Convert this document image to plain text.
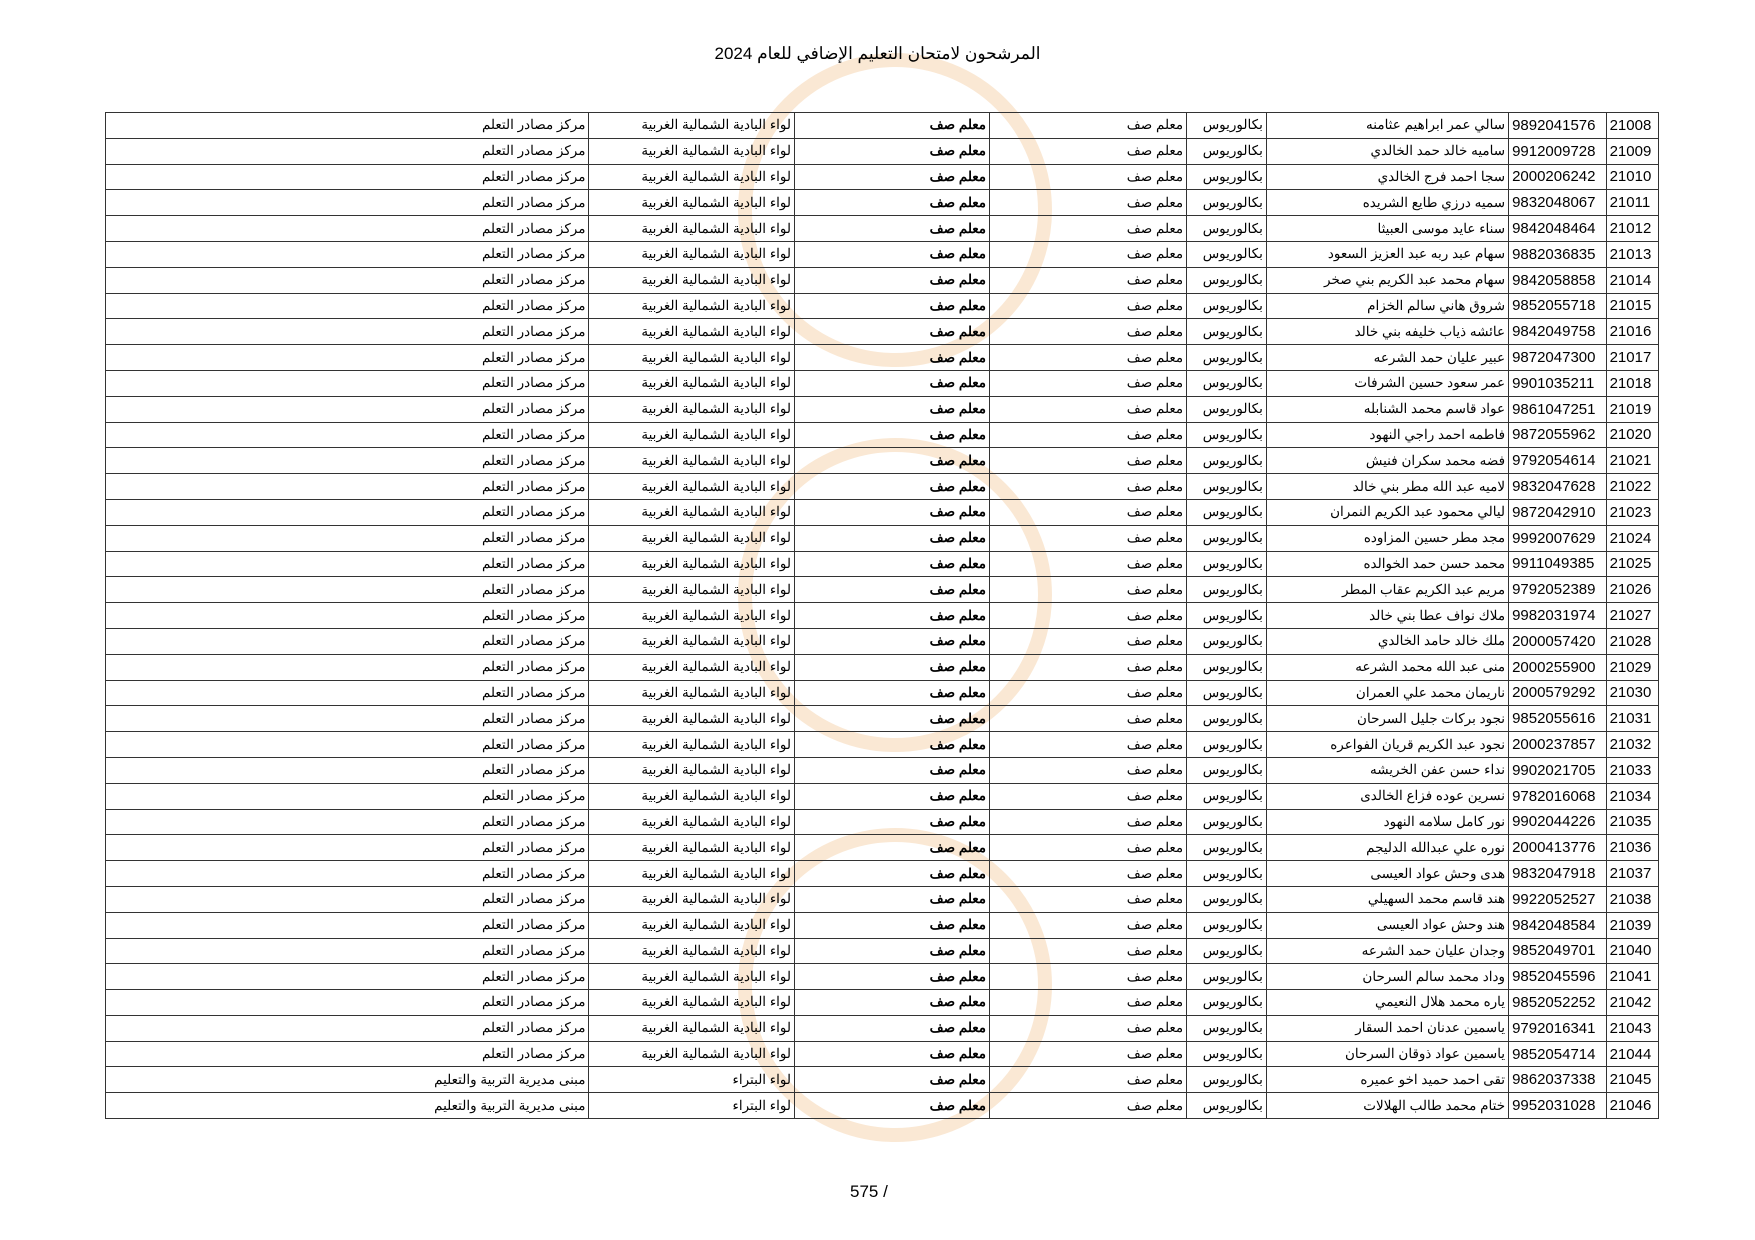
المرشحون لامتحان التعليم الإضافي للعام 2024
21008	9892041576	سالي عمر ابراهيم عثامنه	بكالوريوس	معلم صف	معلم صف	لواء البادية الشمالية الغربية	مركز مصادر التعلم
21009	9912009728	ساميه خالد حمد الخالدي	بكالوريوس	معلم صف	معلم صف	لواء البادية الشمالية الغربية	مركز مصادر التعلم
21010	2000206242	سجا احمد فرج الخالدي	بكالوريوس	معلم صف	معلم صف	لواء البادية الشمالية الغربية	مركز مصادر التعلم
21011	9832048067	سميه درزي طايع الشريده	بكالوريوس	معلم صف	معلم صف	لواء البادية الشمالية الغربية	مركز مصادر التعلم
21012	9842048464	سناء عايد موسى العبيثا	بكالوريوس	معلم صف	معلم صف	لواء البادية الشمالية الغربية	مركز مصادر التعلم
21013	9882036835	سهام عبد ربه عبد العزيز السعود	بكالوريوس	معلم صف	معلم صف	لواء البادية الشمالية الغربية	مركز مصادر التعلم
21014	9842058858	سهام محمد عبد الكريم بني صخر	بكالوريوس	معلم صف	معلم صف	لواء البادية الشمالية الغربية	مركز مصادر التعلم
21015	9852055718	شروق هاني سالم الخزام	بكالوريوس	معلم صف	معلم صف	لواء البادية الشمالية الغربية	مركز مصادر التعلم
21016	9842049758	عائشه ذياب خليفه بني خالد	بكالوريوس	معلم صف	معلم صف	لواء البادية الشمالية الغربية	مركز مصادر التعلم
21017	9872047300	عبير عليان حمد الشرعه	بكالوريوس	معلم صف	معلم صف	لواء البادية الشمالية الغربية	مركز مصادر التعلم
21018	9901035211	عمر سعود حسين الشرفات	بكالوريوس	معلم صف	معلم صف	لواء البادية الشمالية الغربية	مركز مصادر التعلم
21019	9861047251	عواد قاسم محمد الشنابله	بكالوريوس	معلم صف	معلم صف	لواء البادية الشمالية الغربية	مركز مصادر التعلم
21020	9872055962	فاطمه احمد راجي النهود	بكالوريوس	معلم صف	معلم صف	لواء البادية الشمالية الغربية	مركز مصادر التعلم
21021	9792054614	فضه محمد سكران فنيش	بكالوريوس	معلم صف	معلم صف	لواء البادية الشمالية الغربية	مركز مصادر التعلم
21022	9832047628	لاميه عبد الله مطر بني خالد	بكالوريوس	معلم صف	معلم صف	لواء البادية الشمالية الغربية	مركز مصادر التعلم
21023	9872042910	ليالي محمود عبد الكريم النمران	بكالوريوس	معلم صف	معلم صف	لواء البادية الشمالية الغربية	مركز مصادر التعلم
21024	9992007629	مجد مطر حسين المزاوده	بكالوريوس	معلم صف	معلم صف	لواء البادية الشمالية الغربية	مركز مصادر التعلم
21025	9911049385	محمد حسن حمد الخوالده	بكالوريوس	معلم صف	معلم صف	لواء البادية الشمالية الغربية	مركز مصادر التعلم
21026	9792052389	مريم عبد الكريم عقاب المطر	بكالوريوس	معلم صف	معلم صف	لواء البادية الشمالية الغربية	مركز مصادر التعلم
21027	9982031974	ملاك نواف عطا بني خالد	بكالوريوس	معلم صف	معلم صف	لواء البادية الشمالية الغربية	مركز مصادر التعلم
21028	2000057420	ملك خالد حامد الخالدي	بكالوريوس	معلم صف	معلم صف	لواء البادية الشمالية الغربية	مركز مصادر التعلم
21029	2000255900	منى عبد الله محمد الشرعه	بكالوريوس	معلم صف	معلم صف	لواء البادية الشمالية الغربية	مركز مصادر التعلم
21030	2000579292	ناريمان محمد علي العمران	بكالوريوس	معلم صف	معلم صف	لواء البادية الشمالية الغربية	مركز مصادر التعلم
21031	9852055616	نجود بركات جليل السرحان	بكالوريوس	معلم صف	معلم صف	لواء البادية الشمالية الغربية	مركز مصادر التعلم
21032	2000237857	نجود عبد الكريم قريان الفواعره	بكالوريوس	معلم صف	معلم صف	لواء البادية الشمالية الغربية	مركز مصادر التعلم
21033	9902021705	نداء حسن عفن الخريشه	بكالوريوس	معلم صف	معلم صف	لواء البادية الشمالية الغربية	مركز مصادر التعلم
21034	9782016068	نسرين عوده فزاع الخالدى	بكالوريوس	معلم صف	معلم صف	لواء البادية الشمالية الغربية	مركز مصادر التعلم
21035	9902044226	نور كامل سلامه النهود	بكالوريوس	معلم صف	معلم صف	لواء البادية الشمالية الغربية	مركز مصادر التعلم
21036	2000413776	نوره علي عبدالله الدليجم	بكالوريوس	معلم صف	معلم صف	لواء البادية الشمالية الغربية	مركز مصادر التعلم
21037	9832047918	هدى وحش عواد العيسى	بكالوريوس	معلم صف	معلم صف	لواء البادية الشمالية الغربية	مركز مصادر التعلم
21038	9922052527	هند قاسم محمد السهيلي	بكالوريوس	معلم صف	معلم صف	لواء البادية الشمالية الغربية	مركز مصادر التعلم
21039	9842048584	هند وحش عواد العيسى	بكالوريوس	معلم صف	معلم صف	لواء البادية الشمالية الغربية	مركز مصادر التعلم
21040	9852049701	وجدان عليان حمد الشرعه	بكالوريوس	معلم صف	معلم صف	لواء البادية الشمالية الغربية	مركز مصادر التعلم
21041	9852045596	وداد محمد سالم السرحان	بكالوريوس	معلم صف	معلم صف	لواء البادية الشمالية الغربية	مركز مصادر التعلم
21042	9852052252	ياره محمد هلال النعيمي	بكالوريوس	معلم صف	معلم صف	لواء البادية الشمالية الغربية	مركز مصادر التعلم
21043	9792016341	ياسمين عدنان احمد السقار	بكالوريوس	معلم صف	معلم صف	لواء البادية الشمالية الغربية	مركز مصادر التعلم
21044	9852054714	ياسمين عواد ذوقان السرحان	بكالوريوس	معلم صف	معلم صف	لواء البادية الشمالية الغربية	مركز مصادر التعلم
21045	9862037338	تقى احمد حميد اخو عميره	بكالوريوس	معلم صف	معلم صف	لواء البتراء	مبنى مديرية التربية والتعليم
21046	9952031028	ختام محمد طالب الهلالات	بكالوريوس	معلم صف	معلم صف	لواء البتراء	مبنى مديرية التربية والتعليم
575 /
